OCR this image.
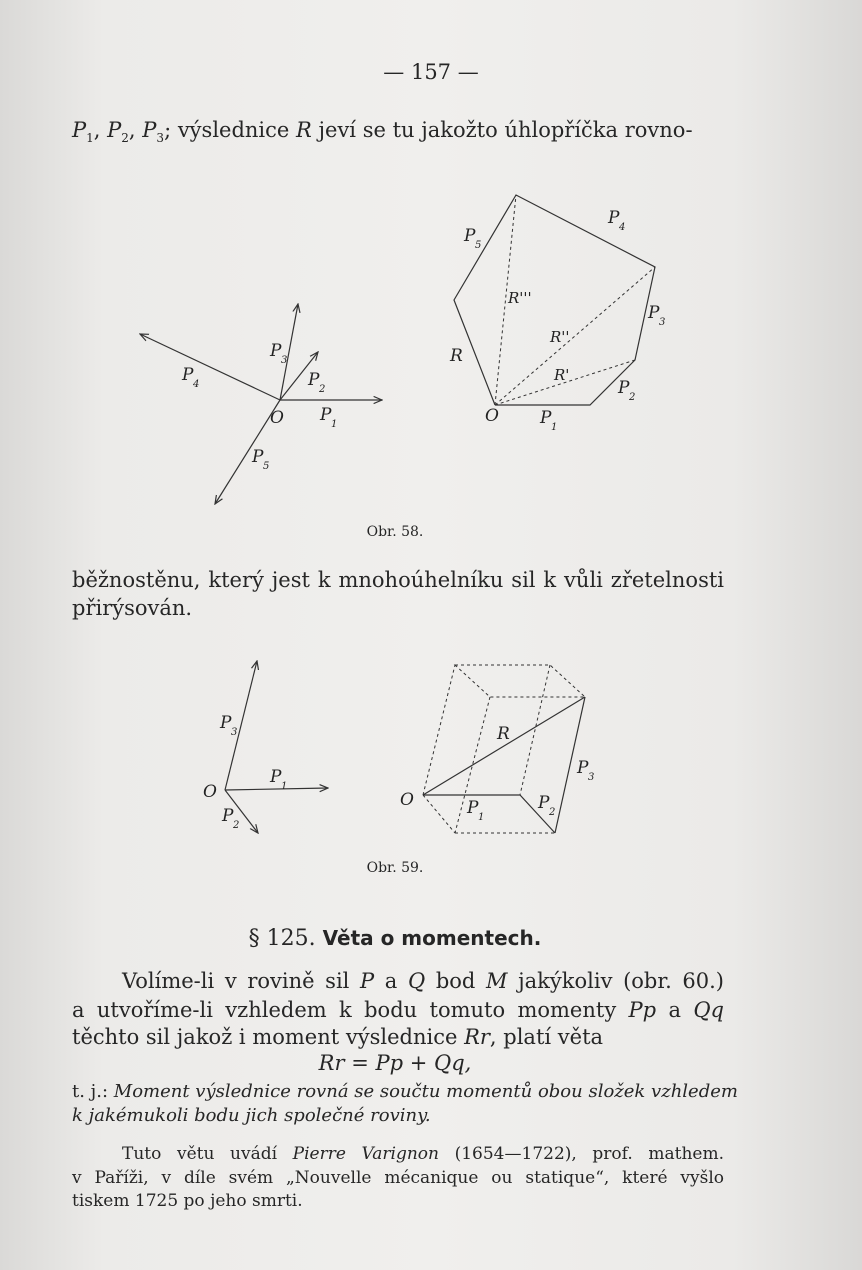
— 157 —
$P_1$, $P_2$, $P_3$; výslednice R jeví se tu jakožto úhlopříčka rovno-
O P 1
P 2
P 3
P 4
P 5
O P 1
P 2
P 3
P 4
P 5
R
R'
R''
R'''
Obr. 58.
běžnostěnu, který jest k mnohoúhelníku sil k vůli zřetelnosti
přirýsován.
O
P 1
P 2
P 3
O	P 1
P 2
P 3
R
Obr. 59.
§ 125. Věta o momentech.
Volíme-li v rovině sil P a Q bod M jakýkoliv (obr. 60.)
a utvoříme-li vzhledem k bodu tomuto momenty Pp a Qq
těchto sil jakož i moment výslednice Rr, platí věta
Rr = Pp + Qq,
t. j.: Moment výslednice rovná se součtu momentů obou složek vzhledem
k jakémukoli bodu jich společné roviny.
Tuto větu uvádí Pierre Varignon (1654—1722), prof. mathem.
v Paříži, v díle svém „Nouvelle mécanique ou statique“, které vyšlo
tiskem 1725 po jeho smrti.
